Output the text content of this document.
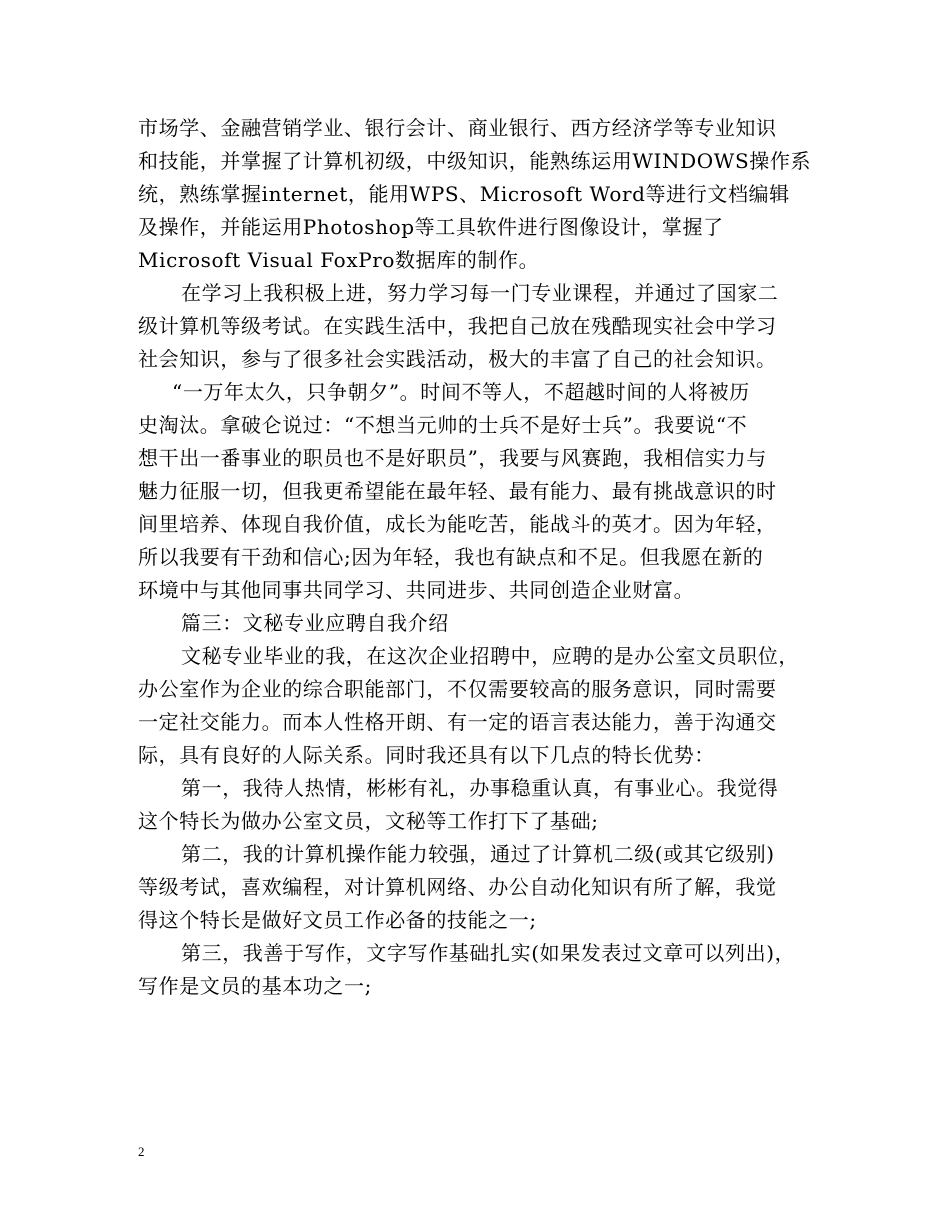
市场学、金融营销学业、银行会计、商业银行、西方经济学等专业知识
和技能，并掌握了计算机初级，中级知识，能熟练运用WINDOWS操作系
统，熟练掌握internet，能用WPS、Microsoft Word等进行文档编辑
及操作，并能运用Photoshop等工具软件进行图像设计，掌握了
Microsoft Visual FoxPro数据库的制作。
在学习上我积极上进，努力学习每一门专业课程，并通过了国家二
级计算机等级考试。在实践生活中，我把自己放在残酷现实社会中学习
社会知识，参与了很多社会实践活动，极大的丰富了自己的社会知识。
“一万年太久，只争朝夕”。时间不等人，不超越时间的人将被历
史淘汰。拿破仑说过：“不想当元帅的士兵不是好士兵”。我要说“不
想干出一番事业的职员也不是好职员”，我要与风赛跑，我相信实力与
魅力征服一切，但我更希望能在最年轻、最有能力、最有挑战意识的时
间里培养、体现自我价值，成长为能吃苦，能战斗的英才。因为年轻，
所以我要有干劲和信心;因为年轻，我也有缺点和不足。但我愿在新的
环境中与其他同事共同学习、共同进步、共同创造企业财富。
篇三：文秘专业应聘自我介绍
文秘专业毕业的我，在这次企业招聘中，应聘的是办公室文员职位，
办公室作为企业的综合职能部门，不仅需要较高的服务意识，同时需要
一定社交能力。而本人性格开朗、有一定的语言表达能力，善于沟通交
际，具有良好的人际关系。同时我还具有以下几点的特长优势：
第一，我待人热情，彬彬有礼，办事稳重认真，有事业心。我觉得
这个特长为做办公室文员，文秘等工作打下了基础;
第二，我的计算机操作能力较强，通过了计算机二级(或其它级别)
等级考试，喜欢编程，对计算机网络、办公自动化知识有所了解，我觉
得这个特长是做好文员工作必备的技能之一;
第三，我善于写作，文字写作基础扎实(如果发表过文章可以列出)，
写作是文员的基本功之一;
2
